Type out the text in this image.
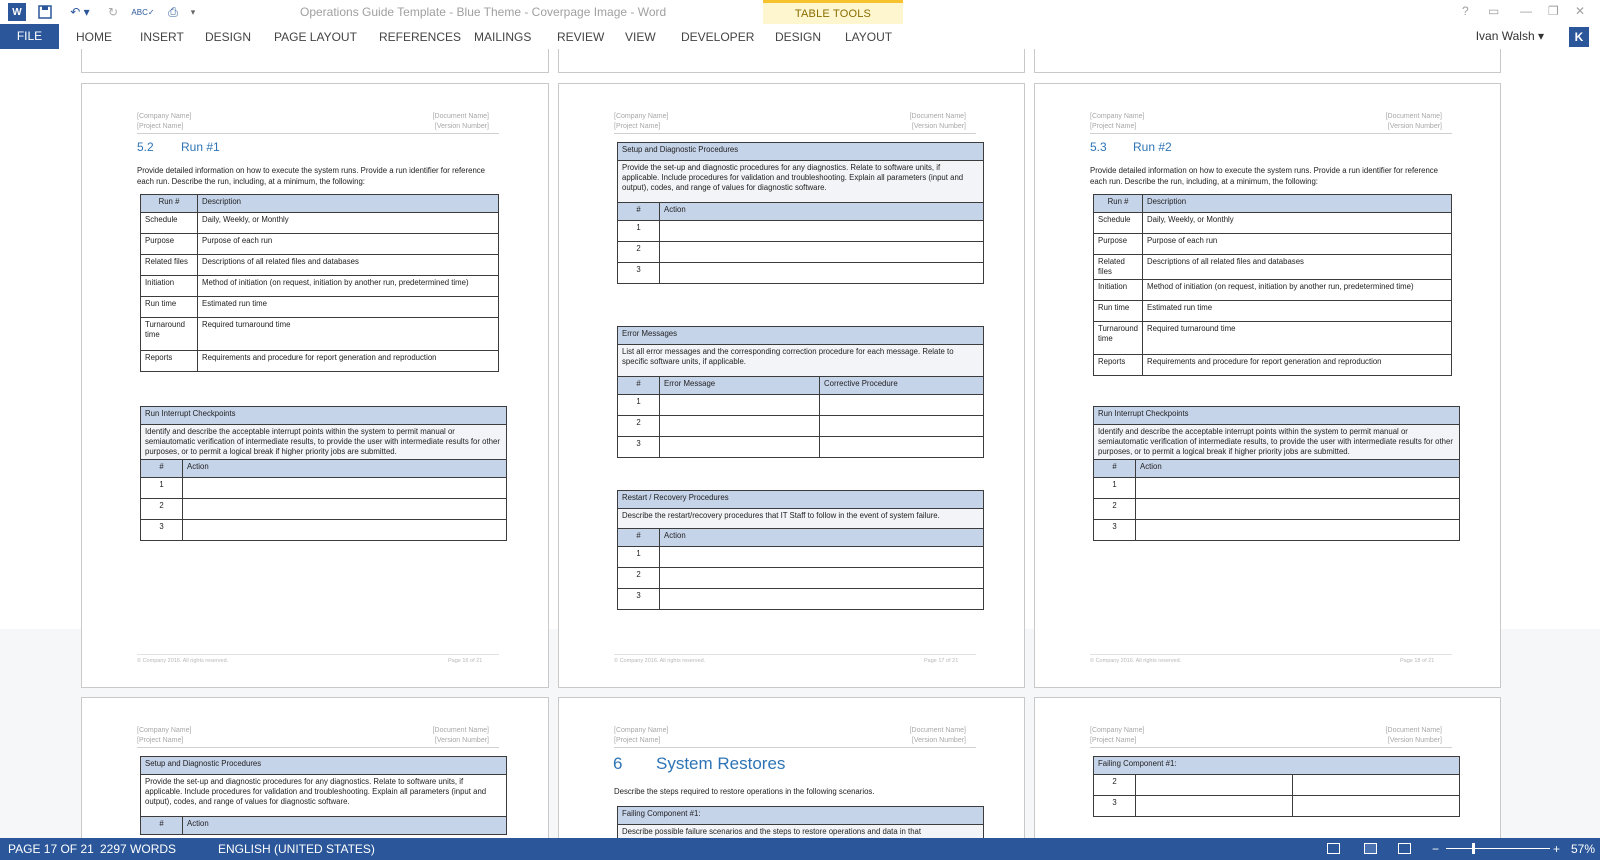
W	↶ ▾	↻	ABC✓	⎙	▾	Operations Guide Template - Blue Theme - Coverpage Image - Word	? ▭ — ❐ ✕
TABLE TOOLS
HOME INSERT DESIGN PAGE LAYOUT REFERENCES MAILINGS REVIEW VIEW DEVELOPER DESIGN LAYOUT
FILE	Ivan Walsh ▾	K
[Company Name]
[Project Name]
[Document Name]
[Version Number]
5.2 Run #1
Provide detailed information on how to execute the system runs. Provide a run identifier for reference each run. Describe the run, including, at a minimum, the following:
Run #	Description
Schedule	Daily, Weekly, or Monthly
Purpose	Purpose of each run
Related files	Descriptions of all related files and databases
Initiation	Method of initiation (on request, initiation by another run, predetermined time)
Run time	Estimated run time
Turnaround time	Required turnaround time
Reports	Requirements and procedure for report generation and reproduction
Run Interrupt Checkpoints	
Identify and describe the acceptable interrupt points within the system to permit manual or semiautomatic verification of intermediate results, to provide the user with intermediate results for other purposes, or to permit a logical break if higher priority jobs are submitted.	
#	Action
1	
2	
3	
© Company 2016. All rights reserved.	Page 16 of 21
[Company Name]
[Project Name]
[Document Name]
[Version Number]
Setup and Diagnostic Procedures	
Provide the set-up and diagnostic procedures for any diagnostics. Relate to software units, if applicable. Include procedures for validation and troubleshooting. Explain all parameters (input and output), codes, and range of values for diagnostic software.	
#	Action
1	
2	
3	
Error Messages		
List all error messages and the corresponding correction procedure for each message. Relate to specific software units, if applicable.		
#	Error Message	Corrective Procedure
1		
2		
3		
Restart / Recovery Procedures	
Describe the restart/recovery procedures that IT Staff to follow in the event of system failure.	
#	Action
1	
2	
3	
© Company 2016. All rights reserved.	Page 17 of 21
[Company Name]
[Project Name]
[Document Name]
[Version Number]
5.3 Run #2
Provide detailed information on how to execute the system runs. Provide a run identifier for reference each run. Describe the run, including, at a minimum, the following:
Run #	Description
Schedule	Daily, Weekly, or Monthly
Purpose	Purpose of each run
Related files	Descriptions of all related files and databases
Initiation	Method of initiation (on request, initiation by another run, predetermined time)
Run time	Estimated run time
Turnaround time	Required turnaround time
Reports	Requirements and procedure for report generation and reproduction
Run Interrupt Checkpoints	
Identify and describe the acceptable interrupt points within the system to permit manual or semiautomatic verification of intermediate results, to provide the user with intermediate results for other purposes, or to permit a logical break if higher priority jobs are submitted.	
#	Action
1	
2	
3	
© Company 2016. All rights reserved.	Page 18 of 21
[Company Name]
[Project Name]
[Document Name]
[Version Number]
Setup and Diagnostic Procedures
Provide the set-up and diagnostic procedures for any diagnostics. Relate to software units, if applicable. Include procedures for validation and troubleshooting. Explain all parameters (input and output), codes, and range of values for diagnostic software.
#	Action
[Company Name]
[Project Name]
[Document Name]
[Version Number]
6 System Restores
Describe the steps required to restore operations in the following scenarios.
Failing Component #1:
Describe possible failure scenarios and the steps to restore operations and data in that
[Company Name]
[Project Name]
[Document Name]
[Version Number]
Failing Component #1:		
2		
3		
PAGE 17 OF 21 2297 WORDS	ENGLISH (UNITED STATES)	−	+ 57%
